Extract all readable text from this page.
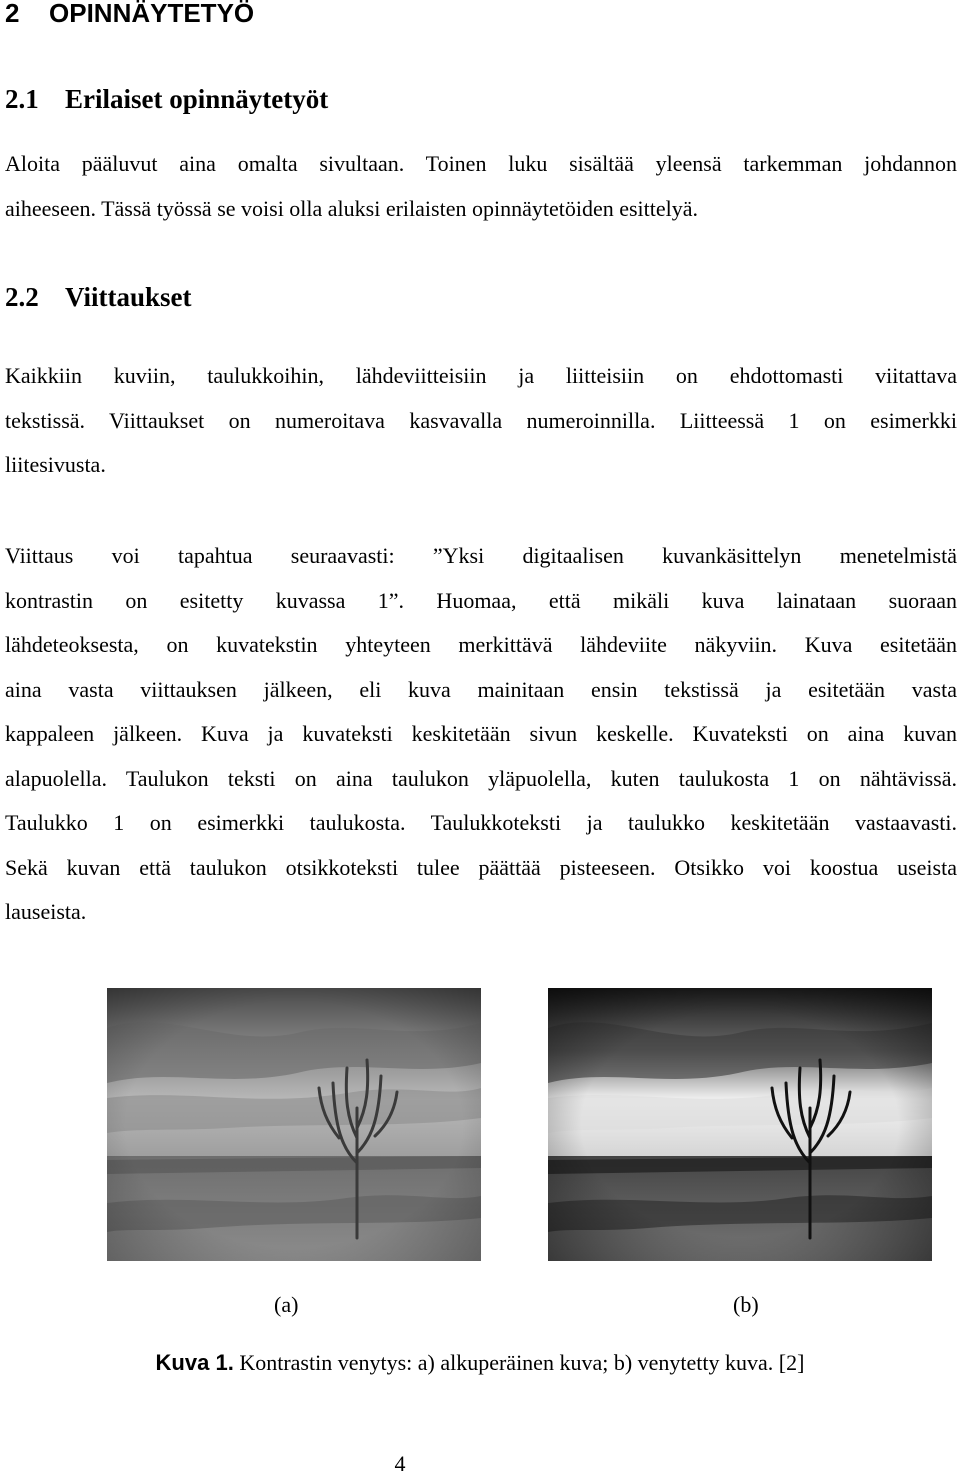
2 OPINNÄYTETYÖ
2.1 Erilaiset opinnäytetyöt
Aloita pääluvut aina omalta sivultaan. Toinen luku sisältää yleensä tarkemman johdannon
aiheeseen. Tässä työssä se voisi olla aluksi erilaisten opinnäytetöiden esittelyä.
2.2 Viittaukset
Kaikkiin kuviin, taulukkoihin, lähdeviitteisiin ja liitteisiin on ehdottomasti viitattava
tekstissä. Viittaukset on numeroitava kasvavalla numeroinnilla. Liitteessä 1 on esimerkki
liitesivusta.
Viittaus voi tapahtua seuraavasti: ”Yksi digitaalisen kuvankäsittelyn menetelmistä
kontrastin on esitetty kuvassa 1”. Huomaa, että mikäli kuva lainataan suoraan
lähdeteoksesta, on kuvatekstin yhteyteen merkittävä lähdeviite näkyviin. Kuva esitetään
aina vasta viittauksen jälkeen, eli kuva mainitaan ensin tekstissä ja esitetään vasta
kappaleen jälkeen. Kuva ja kuvateksti keskitetään sivun keskelle. Kuvateksti on aina kuvan
alapuolella. Taulukon teksti on aina taulukon yläpuolella, kuten taulukosta 1 on nähtävissä.
Taulukko 1 on esimerkki taulukosta. Taulukkoteksti ja taulukko keskitetään vastaavasti.
Sekä kuvan että taulukon otsikkoteksti tulee päättää pisteeseen. Otsikko voi koostua useista
lauseista.
(a)	(b)
Kuva 1. Kontrastin venytys: a) alkuperäinen kuva; b) venytetty kuva. [2]
4
